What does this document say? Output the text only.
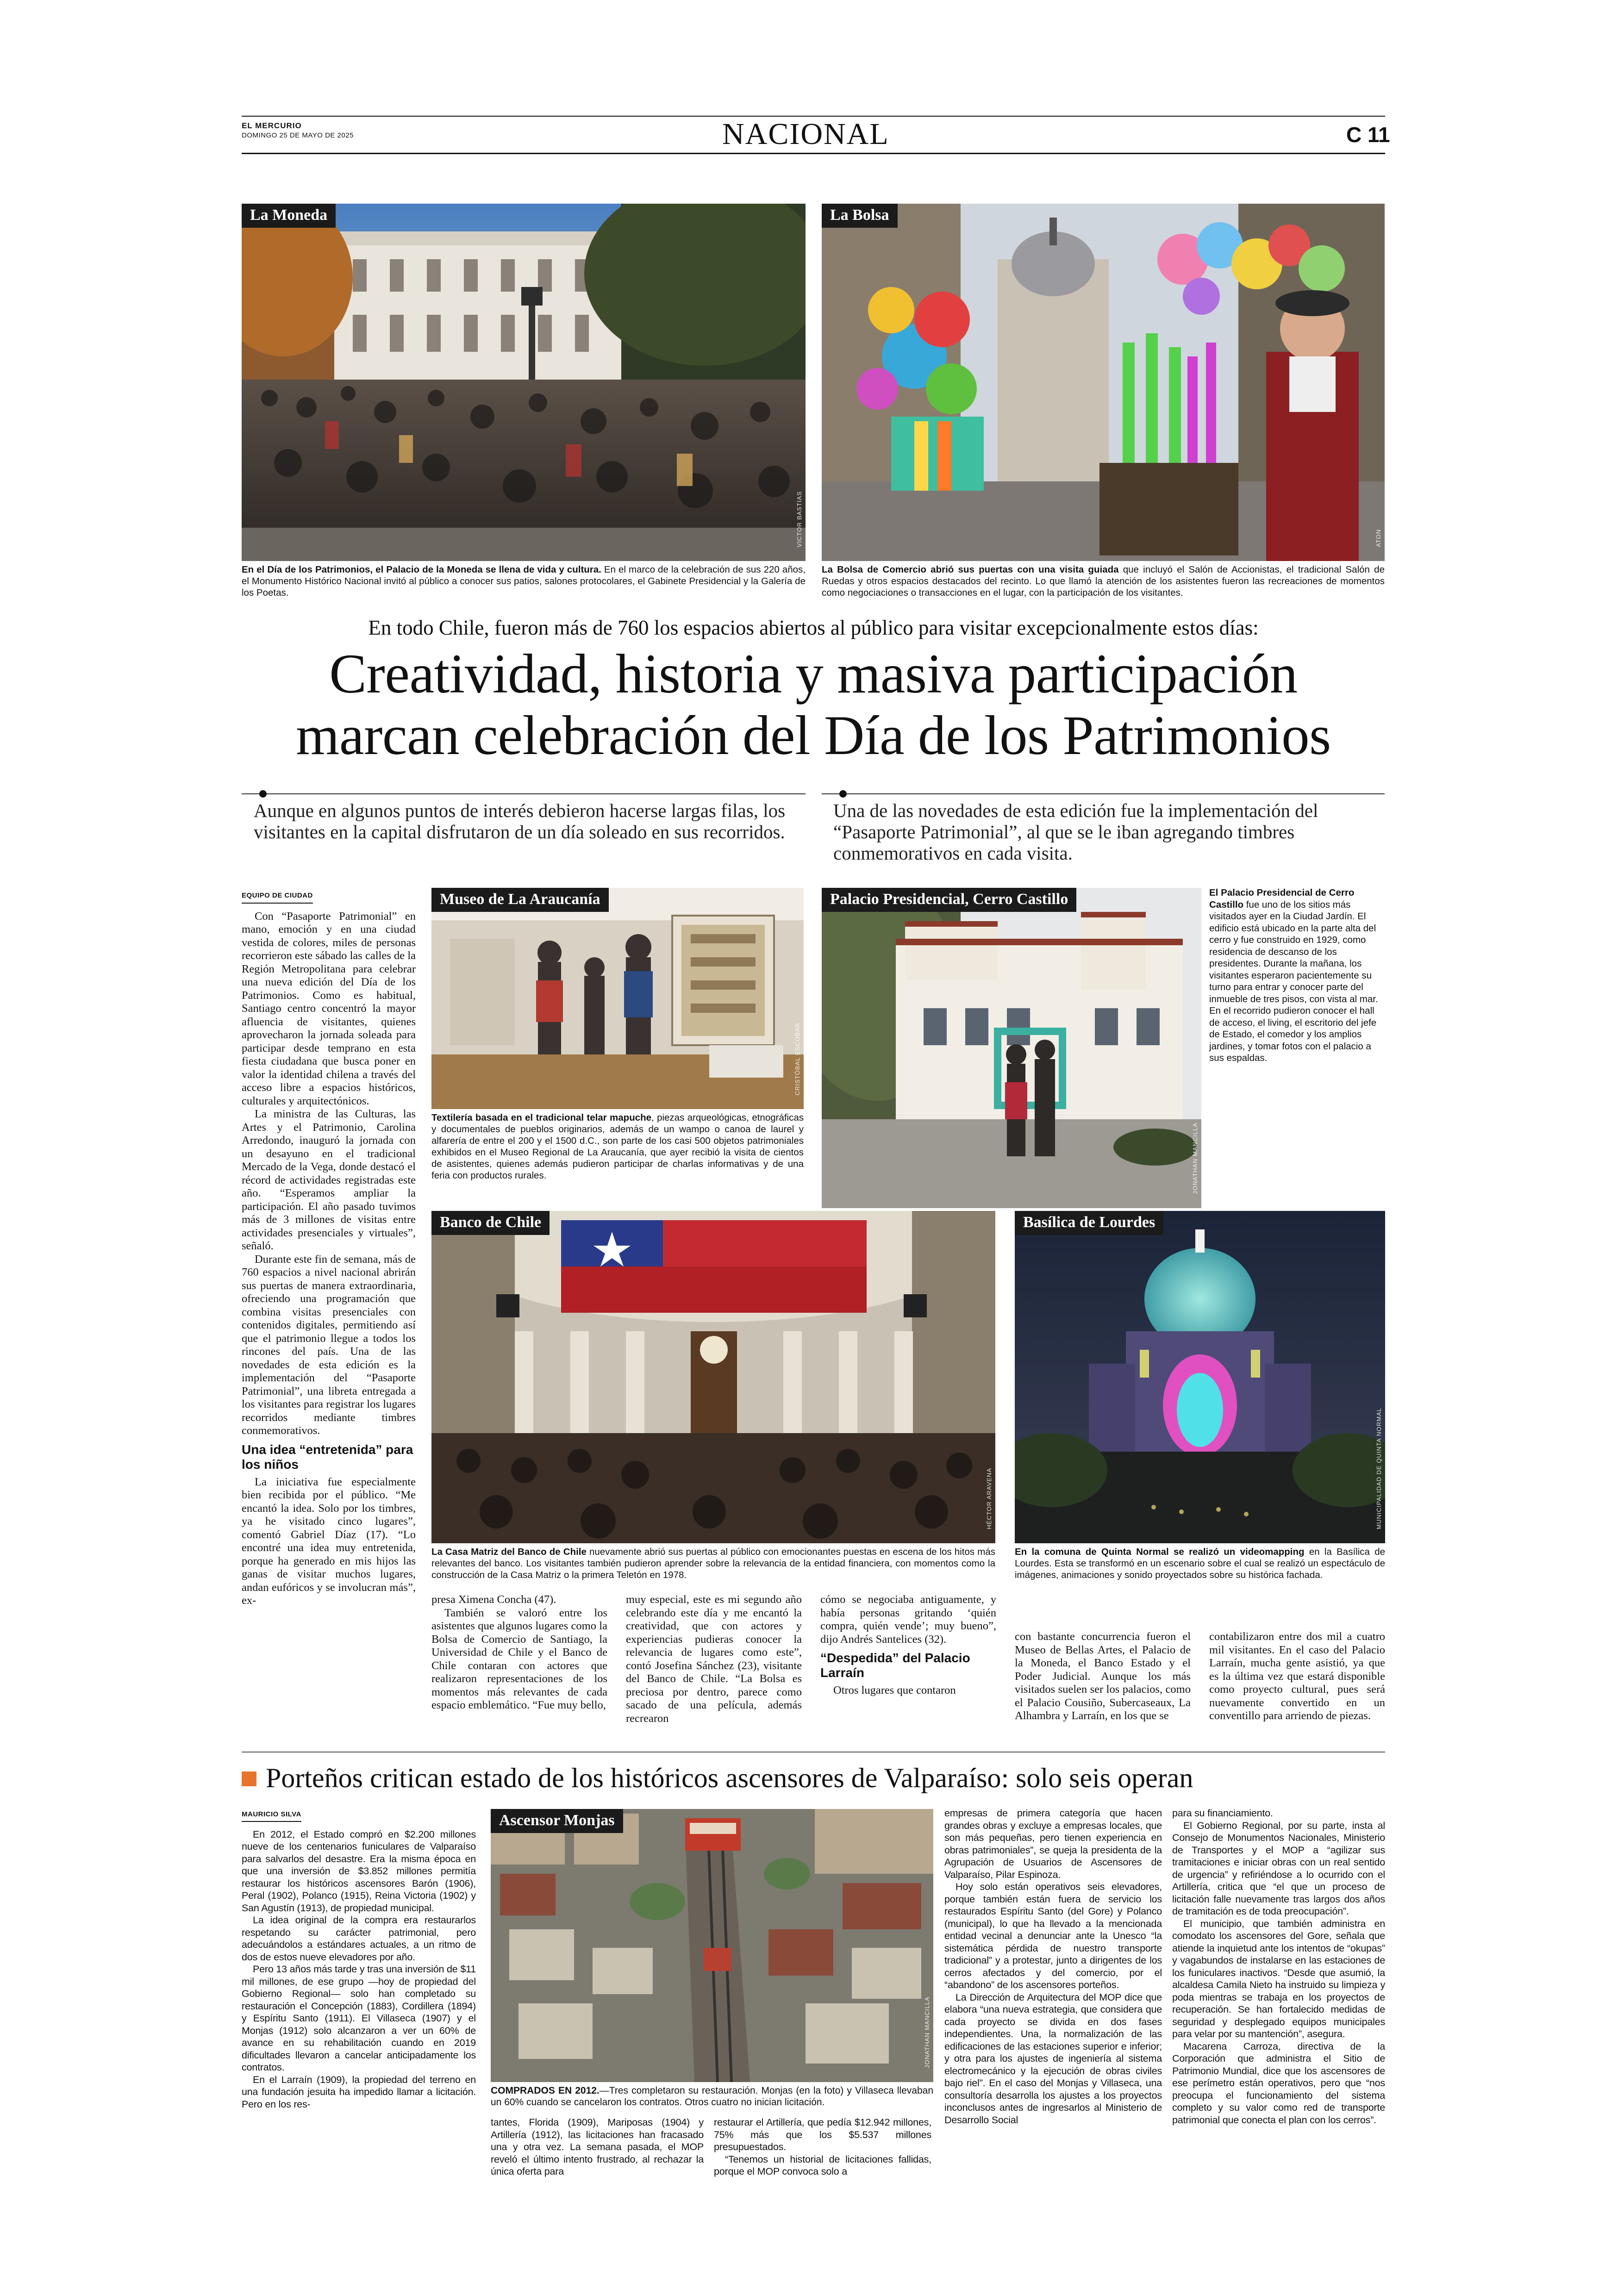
EL MERCURIO
DOMINGO 25 DE MAYO DE 2025	NACIONAL	C 11
La Moneda
VICTOR BASTIAS
En el Día de los Patrimonios, el Palacio de la Moneda se llena de vida y cultura. En el marco de la celebración de sus 220 años, el Monumento Histórico Nacional invitó al público a conocer sus patios, salones protocolares, el Gabinete Presidencial y la Galería de los Poetas.
La Bolsa
ATON
La Bolsa de Comercio abrió sus puertas con una visita guiada que incluyó el Salón de Accionistas, el tradicional Salón de Ruedas y otros espacios destacados del recinto. Lo que llamó la atención de los asistentes fueron las recreaciones de momentos como negociaciones o transacciones en el lugar, con la participación de los visitantes.
En todo Chile, fueron más de 760 los espacios abiertos al público para visitar excepcionalmente estos días:
Creatividad, historia y masiva participación
marcan celebración del Día de los Patrimonios
Aunque en algunos puntos de interés debieron hacerse largas filas, los visitantes en la capital disfrutaron de un día soleado en sus recorridos.
Una de las novedades de esta edición fue la implementación del “Pasaporte Patrimonial”, al que se le iban agregando timbres conmemorativos en cada visita.
EQUIPO DE CIUDAD

Con “Pasaporte Patrimonial” en mano, emoción y en una ciudad vestida de colores, miles de personas recorrieron este sábado las calles de la Región Metropolitana para celebrar una nueva edición del Día de los Patrimonios. Como es habitual, Santiago centro concentró la mayor afluencia de visitantes, quienes aprovecharon la jornada soleada para participar desde temprano en esta fiesta ciudadana que busca poner en valor la identidad chilena a través del acceso libre a espacios históricos, culturales y arquitectónicos.

La ministra de las Culturas, las Artes y el Patrimonio, Carolina Arredondo, inauguró la jornada con un desayuno en el tradicional Mercado de la Vega, donde destacó el récord de actividades registradas este año. “Esperamos ampliar la participación. El año pasado tuvimos más de 3 millones de visitas entre actividades presenciales y virtuales”, señaló.

Durante este fin de semana, más de 760 espacios a nivel nacional abrirán sus puertas de manera extraordinaria, ofreciendo una programación que combina visitas presenciales con contenidos digitales, permitiendo así que el patrimonio llegue a todos los rincones del país. Una de las novedades de esta edición es la implementación del “Pasaporte Patrimonial”, una libreta entregada a los visitantes para registrar los lugares recorridos mediante timbres conmemorativos.

Una idea “entretenida” para los niños

La iniciativa fue especialmente bien recibida por el público. “Me encantó la idea. Solo por los timbres, ya he visitado cinco lugares”, comentó Gabriel Díaz (17). “Lo encontré una idea muy entretenida, porque ha generado en mis hijos las ganas de visitar muchos lugares, andan eufóricos y se involucran más”, ex-

Museo de La Araucanía
CRISTÓBAL ESCOBAR
Textilería basada en el tradicional telar mapuche, piezas arqueológicas, etnográficas y documentales de pueblos originarios, además de un wampo o canoa de laurel y alfarería de entre el 200 y el 1500 d.C., son parte de los casi 500 objetos patrimoniales exhibidos en el Museo Regional de La Araucanía, que ayer recibió la visita de cientos de asistentes, quienes además pudieron participar de charlas informativas y de una feria con productos rurales.
Palacio Presidencial, Cerro Castillo
JONATHAN MANCILLA
El Palacio Presidencial de Cerro Castillo fue uno de los sitios más visitados ayer en la Ciudad Jardín. El edificio está ubicado en la parte alta del cerro y fue construido en 1929, como residencia de descanso de los presidentes. Durante la mañana, los visitantes esperaron pacientemente su turno para entrar y conocer parte del inmueble de tres pisos, con vista al mar. En el recorrido pudieron conocer el hall de acceso, el living, el escritorio del jefe de Estado, el comedor y los amplios jardines, y tomar fotos con el palacio a sus espaldas.
Banco de Chile
HÉCTOR ARAVENA
La Casa Matriz del Banco de Chile nuevamente abrió sus puertas al público con emocionantes puestas en escena de los hitos más relevantes del banco. Los visitantes también pudieron aprender sobre la relevancia de la entidad financiera, con momentos como la construcción de la Casa Matriz o la primera Teletón en 1978.
Basílica de Lourdes
MUNICIPALIDAD DE QUINTA NORMAL
En la comuna de Quinta Normal se realizó un videomapping en la Basílica de Lourdes. Esta se transformó en un escenario sobre el cual se realizó un espectáculo de imágenes, animaciones y sonido proyectados sobre su histórica fachada.

presa Ximena Concha (47).

También se valoró entre los asistentes que algunos lugares como la Bolsa de Comercio de Santiago, la Universidad de Chile y el Banco de Chile contaran con actores que realizaron representaciones de los momentos más relevantes de cada espacio emblemático. “Fue muy bello,

muy especial, este es mi segundo año celebrando este día y me encantó la creatividad, que con actores y experiencias pudieras conocer la relevancia de lugares como este”, contó Josefina Sánchez (23), visitante del Banco de Chile. “La Bolsa es preciosa por dentro, parece como sacado de una película, además recrearon

cómo se negociaba antiguamente, y había personas gritando ‘quién compra, quién vende’; muy bueno”, dijo Andrés Santelices (32).

“Despedida” del Palacio Larraín

Otros lugares que contaron

con bastante concurrencia fueron el Museo de Bellas Artes, el Palacio de la Moneda, el Banco Estado y el Poder Judicial. Aunque los más visitados suelen ser los palacios, como el Palacio Cousiño, Subercaseaux, La Alhambra y Larraín, en los que se

contabilizaron entre dos mil a cuatro mil visitantes. En el caso del Palacio Larraín, mucha gente asistió, ya que es la última vez que estará disponible como proyecto cultural, pues será nuevamente convertido en un conventillo para arriendo de piezas.

Porteños critican estado de los históricos ascensores de Valparaíso: solo seis operan
MAURICIO SILVA

En 2012, el Estado compró en $2.200 millones nueve de los centenarios funiculares de Valparaíso para salvarlos del desastre. Era la misma época en que una inversión de $3.852 millones permitía restaurar los históricos ascensores Barón (1906), Peral (1902), Polanco (1915), Reina Victoria (1902) y San Agustín (1913), de propiedad municipal.

La idea original de la compra era restaurarlos respetando su carácter patrimonial, pero adecuándolos a estándares actuales, a un ritmo de dos de estos nueve elevadores por año.

Pero 13 años más tarde y tras una inversión de $11 mil millones, de ese grupo —hoy de propiedad del Gobierno Regional— solo han completado su restauración el Concepción (1883), Cordillera (1894) y Espíritu Santo (1911). El Villaseca (1907) y el Monjas (1912) solo alcanzaron a ver un 60% de avance en su rehabilitación cuando en 2019 dificultades llevaron a cancelar anticipadamente los contratos.

En el Larraín (1909), la propiedad del terreno en una fundación jesuita ha impedido llamar a licitación. Pero en los res-

Ascensor Monjas
JONATHAN MANCILLA
COMPRADOS EN 2012.—Tres completaron su restauración. Monjas (en la foto) y Villaseca llevaban un 60% cuando se cancelaron los contratos. Otros cuatro no inician licitación.

tantes, Florida (1909), Mariposas (1904) y Artillería (1912), las licitaciones han fracasado una y otra vez. La semana pasada, el MOP reveló el último intento frustrado, al rechazar la única oferta para

restaurar el Artillería, que pedía $12.942 millones, 75% más que los $5.537 millones presupuestados.

“Tenemos un historial de licitaciones fallidas, porque el MOP convoca solo a

empresas de primera categoría que hacen grandes obras y excluye a empresas locales, que son más pequeñas, pero tienen experiencia en obras patrimoniales”, se queja la presidenta de la Agrupación de Usuarios de Ascensores de Valparaíso, Pilar Espinoza.

Hoy solo están operativos seis elevadores, porque también están fuera de servicio los restaurados Espíritu Santo (del Gore) y Polanco (municipal), lo que ha llevado a la mencionada entidad vecinal a denunciar ante la Unesco “la sistemática pérdida de nuestro transporte tradicional” y a protestar, junto a dirigentes de los cerros afectados y del comercio, por el “abandono” de los ascensores porteños.

La Dirección de Arquitectura del MOP dice que elabora “una nueva estrategia, que considera que cada proyecto se divida en dos fases independientes. Una, la normalización de las edificaciones de las estaciones superior e inferior; y otra para los ajustes de ingeniería al sistema electromecánico y la ejecución de obras civiles bajo riel”. En el caso del Monjas y Villaseca, una consultoría desarrolla los ajustes a los proyectos inconclusos antes de ingresarlos al Ministerio de Desarrollo Social

para su financiamiento.

El Gobierno Regional, por su parte, insta al Consejo de Monumentos Nacionales, Ministerio de Transportes y el MOP a “agilizar sus tramitaciones e iniciar obras con un real sentido de urgencia” y refiriéndose a lo ocurrido con el Artillería, critica que “el que un proceso de licitación falle nuevamente tras largos dos años de tramitación es de toda preocupación”.

El municipio, que también administra en comodato los ascensores del Gore, señala que atiende la inquietud ante los intentos de “okupas” y vagabundos de instalarse en las estaciones de los funiculares inactivos. “Desde que asumió, la alcaldesa Camila Nieto ha instruido su limpieza y poda mientras se trabaja en los proyectos de recuperación. Se han fortalecido medidas de seguridad y desplegado equipos municipales para velar por su mantención”, asegura.

Macarena Carroza, directiva de la Corporación que administra el Sitio de Patrimonio Mundial, dice que los ascensores de ese perímetro están operativos, pero que “nos preocupa el funcionamiento del sistema completo y su valor como red de transporte patrimonial que conecta el plan con los cerros”.
